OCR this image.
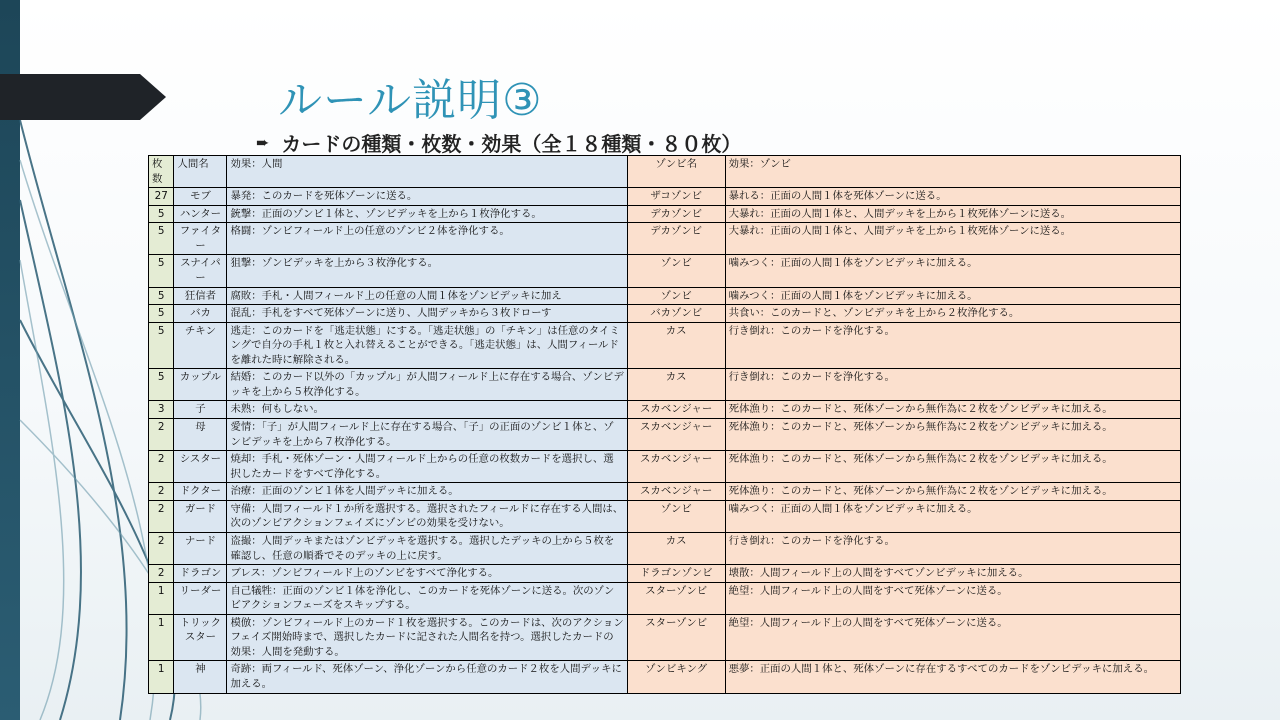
ルール説明③
➨ カードの種類・枚数・効果（全１８種類・８０枚）
枚数	人間名	効果：人間	ゾンビ名	効果：ゾンビ
27	モブ	暴発：このカードを死体ゾーンに送る。	ザコゾンビ	暴れる：正面の人間１体を死体ゾーンに送る。
5	ハンター	銃撃：正面のゾンビ１体と、ゾンビデッキを上から１枚浄化する。	デカゾンビ	大暴れ：正面の人間１体と、人間デッキを上から１枚死体ゾーンに送る。
5	ファイター	格闘：ゾンビフィールド上の任意のゾンビ２体を浄化する。	デカゾンビ	大暴れ：正面の人間１体と、人間デッキを上から１枚死体ゾーンに送る。
5	スナイパー	狙撃：ゾンビデッキを上から３枚浄化する。	ゾンビ	噛みつく：正面の人間１体をゾンビデッキに加える。
5	狂信者	腐敗：手札・人間フィールド上の任意の人間１体をゾンビデッキに加え	ゾンビ	噛みつく：正面の人間１体をゾンビデッキに加える。
5	バカ	混乱：手札をすべて死体ゾーンに送り、人間デッキから３枚ドローす	バカゾンビ	共食い：このカードと、ゾンビデッキを上から２枚浄化する。
5	チキン	逃走：このカードを「逃走状態」にする。「逃走状態」の「チキン」は任意のタイミングで自分の手札１枚と入れ替えることができる。「逃走状態」は、人間フィールドを離れた時に解除される。	カス	行き倒れ：このカードを浄化する。
5	カップル	結婚：このカード以外の「カップル」が人間フィールド上に存在する場合、ゾンビデッキを上から５枚浄化する。	カス	行き倒れ：このカードを浄化する。
3	子	未熟：何もしない。	スカベンジャー	死体漁り：このカードと、死体ゾーンから無作為に２枚をゾンビデッキに加える。
2	母	愛情：「子」が人間フィールド上に存在する場合、「子」の正面のゾンビ１体と、ゾンビデッキを上から７枚浄化する。	スカベンジャー	死体漁り：このカードと、死体ゾーンから無作為に２枚をゾンビデッキに加える。
2	シスター	焼却：手札・死体ゾーン・人間フィールド上からの任意の枚数カードを選択し、選択したカードをすべて浄化する。	スカベンジャー	死体漁り：このカードと、死体ゾーンから無作為に２枚をゾンビデッキに加える。
2	ドクター	治療：正面のゾンビ１体を人間デッキに加える。	スカベンジャー	死体漁り：このカードと、死体ゾーンから無作為に２枚をゾンビデッキに加える。
2	ガード	守備：人間フィールド１か所を選択する。選択されたフィールドに存在する人間は、次のゾンビアクションフェイズにゾンビの効果を受けない。	ゾンビ	噛みつく：正面の人間１体をゾンビデッキに加える。
2	ナード	盗撮：人間デッキまたはゾンビデッキを選択する。選択したデッキの上から５枚を確認し、任意の順番でそのデッキの上に戻す。	カス	行き倒れ：このカードを浄化する。
2	ドラゴン	ブレス：ゾンビフィールド上のゾンビをすべて浄化する。	ドラゴンゾンビ	壊散：人間フィールド上の人間をすべてゾンビデッキに加える。
1	リーダー	自己犠牲：正面のゾンビ１体を浄化し、このカードを死体ゾーンに送る。次のゾンビアクションフェーズをスキップする。	スターゾンビ	絶望：人間フィールド上の人間をすべて死体ゾーンに送る。
1	トリックスター	模倣：ゾンビフィールド上のカード１枚を選択する。このカードは、次のアクションフェイズ開始時まで、選択したカードに記された人間名を持つ。選択したカードの効果：人間を発動する。	スターゾンビ	絶望：人間フィールド上の人間をすべて死体ゾーンに送る。
1	神	奇跡：両フィールド、死体ゾーン、浄化ゾーンから任意のカード２枚を人間デッキに加える。	ゾンビキング	悪夢：正面の人間１体と、死体ゾーンに存在するすべてのカードをゾンビデッキに加える。
